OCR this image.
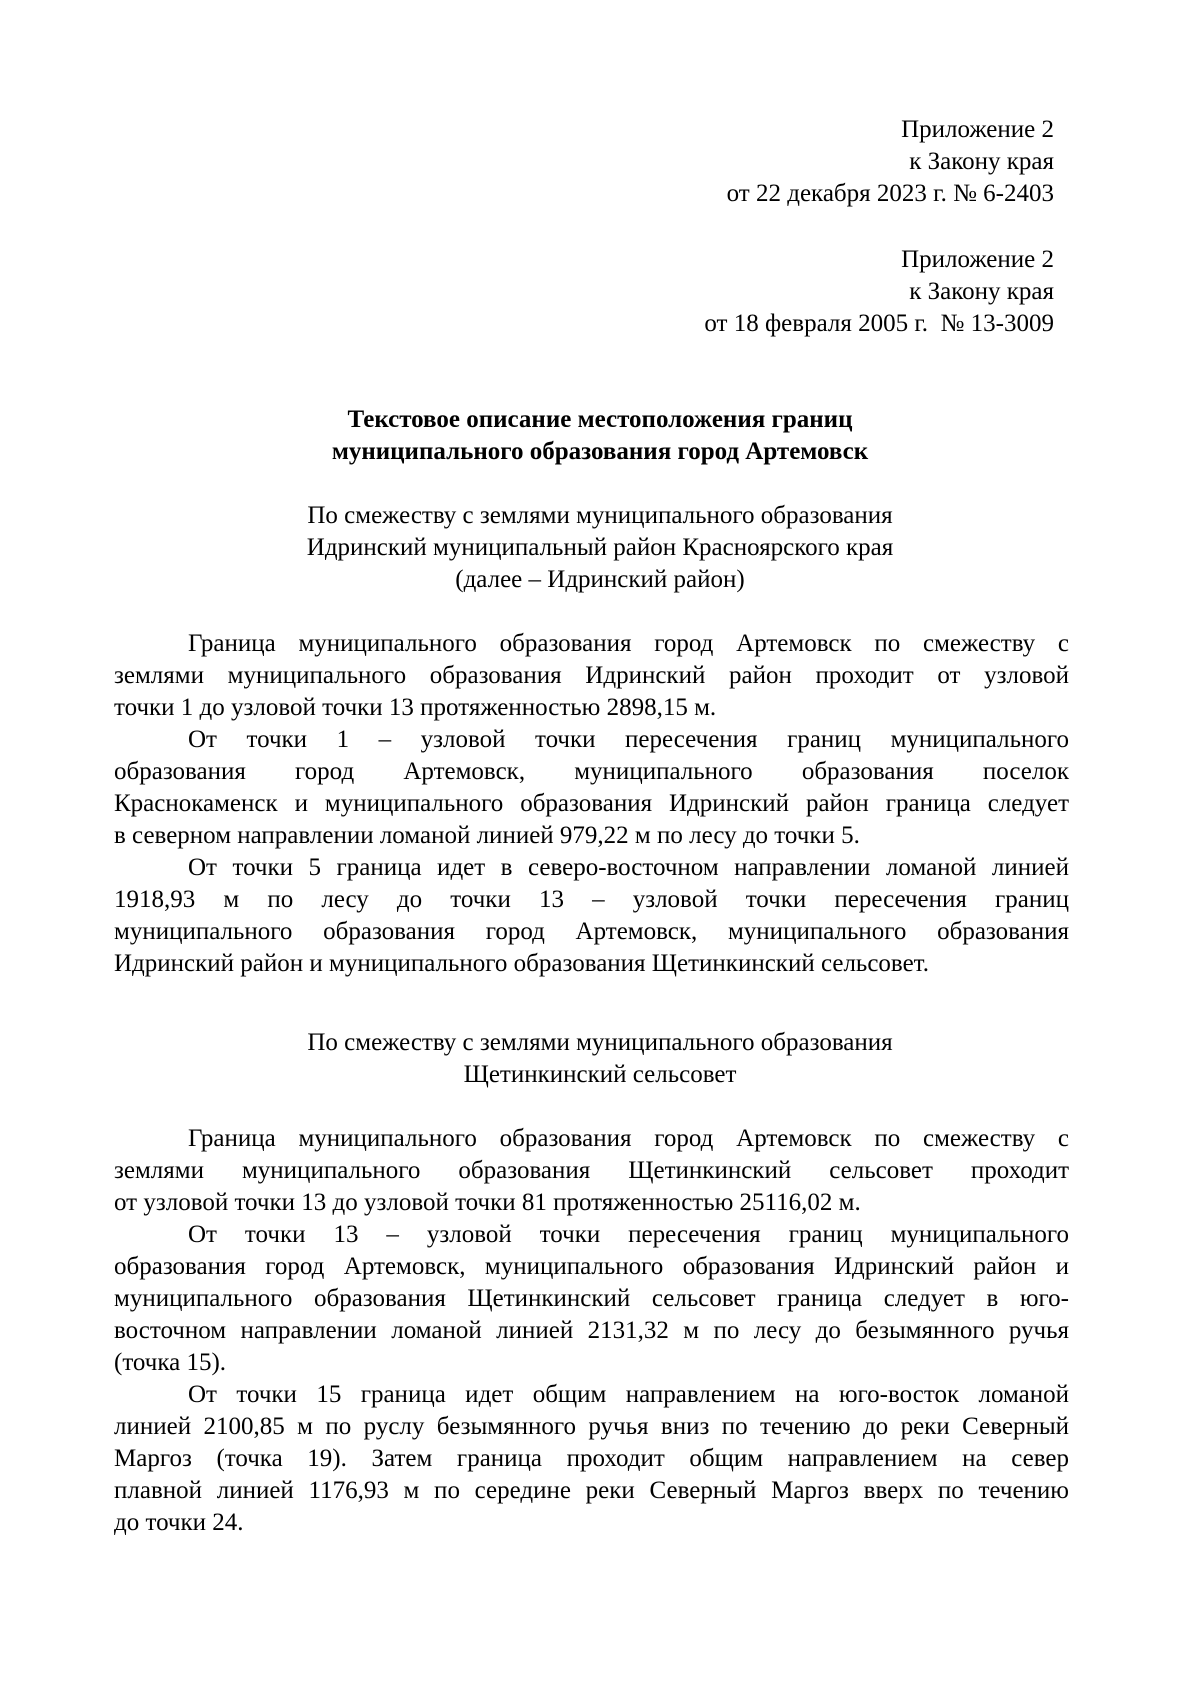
Приложение 2
к Закону края
от 22 декабря 2023 г. № 6-2403
Приложение 2
к Закону края
от 18 февраля 2005 г.  № 13-3009
Текстовое описание местоположения границ
муниципального образования город Артемовск
По смежеству с землями муниципального образования
Идринский муниципальный район Красноярского края
(далее – Идринский район)

Граница муниципального образования город Артемовск по смежеству с
землями муниципального образования Идринский район проходит от узловой
точки 1 до узловой точки 13 протяженностью 2898,15 м.

От точки 1 – узловой точки пересечения границ муниципального
образования город Артемовск, муниципального образования поселок
Краснокаменск и муниципального образования Идринский район граница следует
в северном направлении ломаной линией 979,22 м по лесу до точки 5.

От точки 5 граница идет в северо-восточном направлении ломаной линией
1918,93 м по лесу до точки 13 – узловой точки пересечения границ
муниципального образования город Артемовск, муниципального образования
Идринский район и муниципального образования Щетинкинский сельсовет.

По смежеству с землями муниципального образования
Щетинкинский сельсовет

Граница муниципального образования город Артемовск по смежеству с
землями муниципального образования Щетинкинский сельсовет проходит
от узловой точки 13 до узловой точки 81 протяженностью 25116,02 м.

От точки 13 – узловой точки пересечения границ муниципального
образования город Артемовск, муниципального образования Идринский район и
муниципального образования Щетинкинский сельсовет граница следует в юго-
восточном направлении ломаной линией 2131,32 м по лесу до безымянного ручья
(точка 15).

От точки 15 граница идет общим направлением на юго-восток ломаной
линией 2100,85 м по руслу безымянного ручья вниз по течению до реки Северный
Маргоз (точка 19). Затем граница проходит общим направлением на север
плавной линией 1176,93 м по середине реки Северный Маргоз вверх по течению
до точки 24.
